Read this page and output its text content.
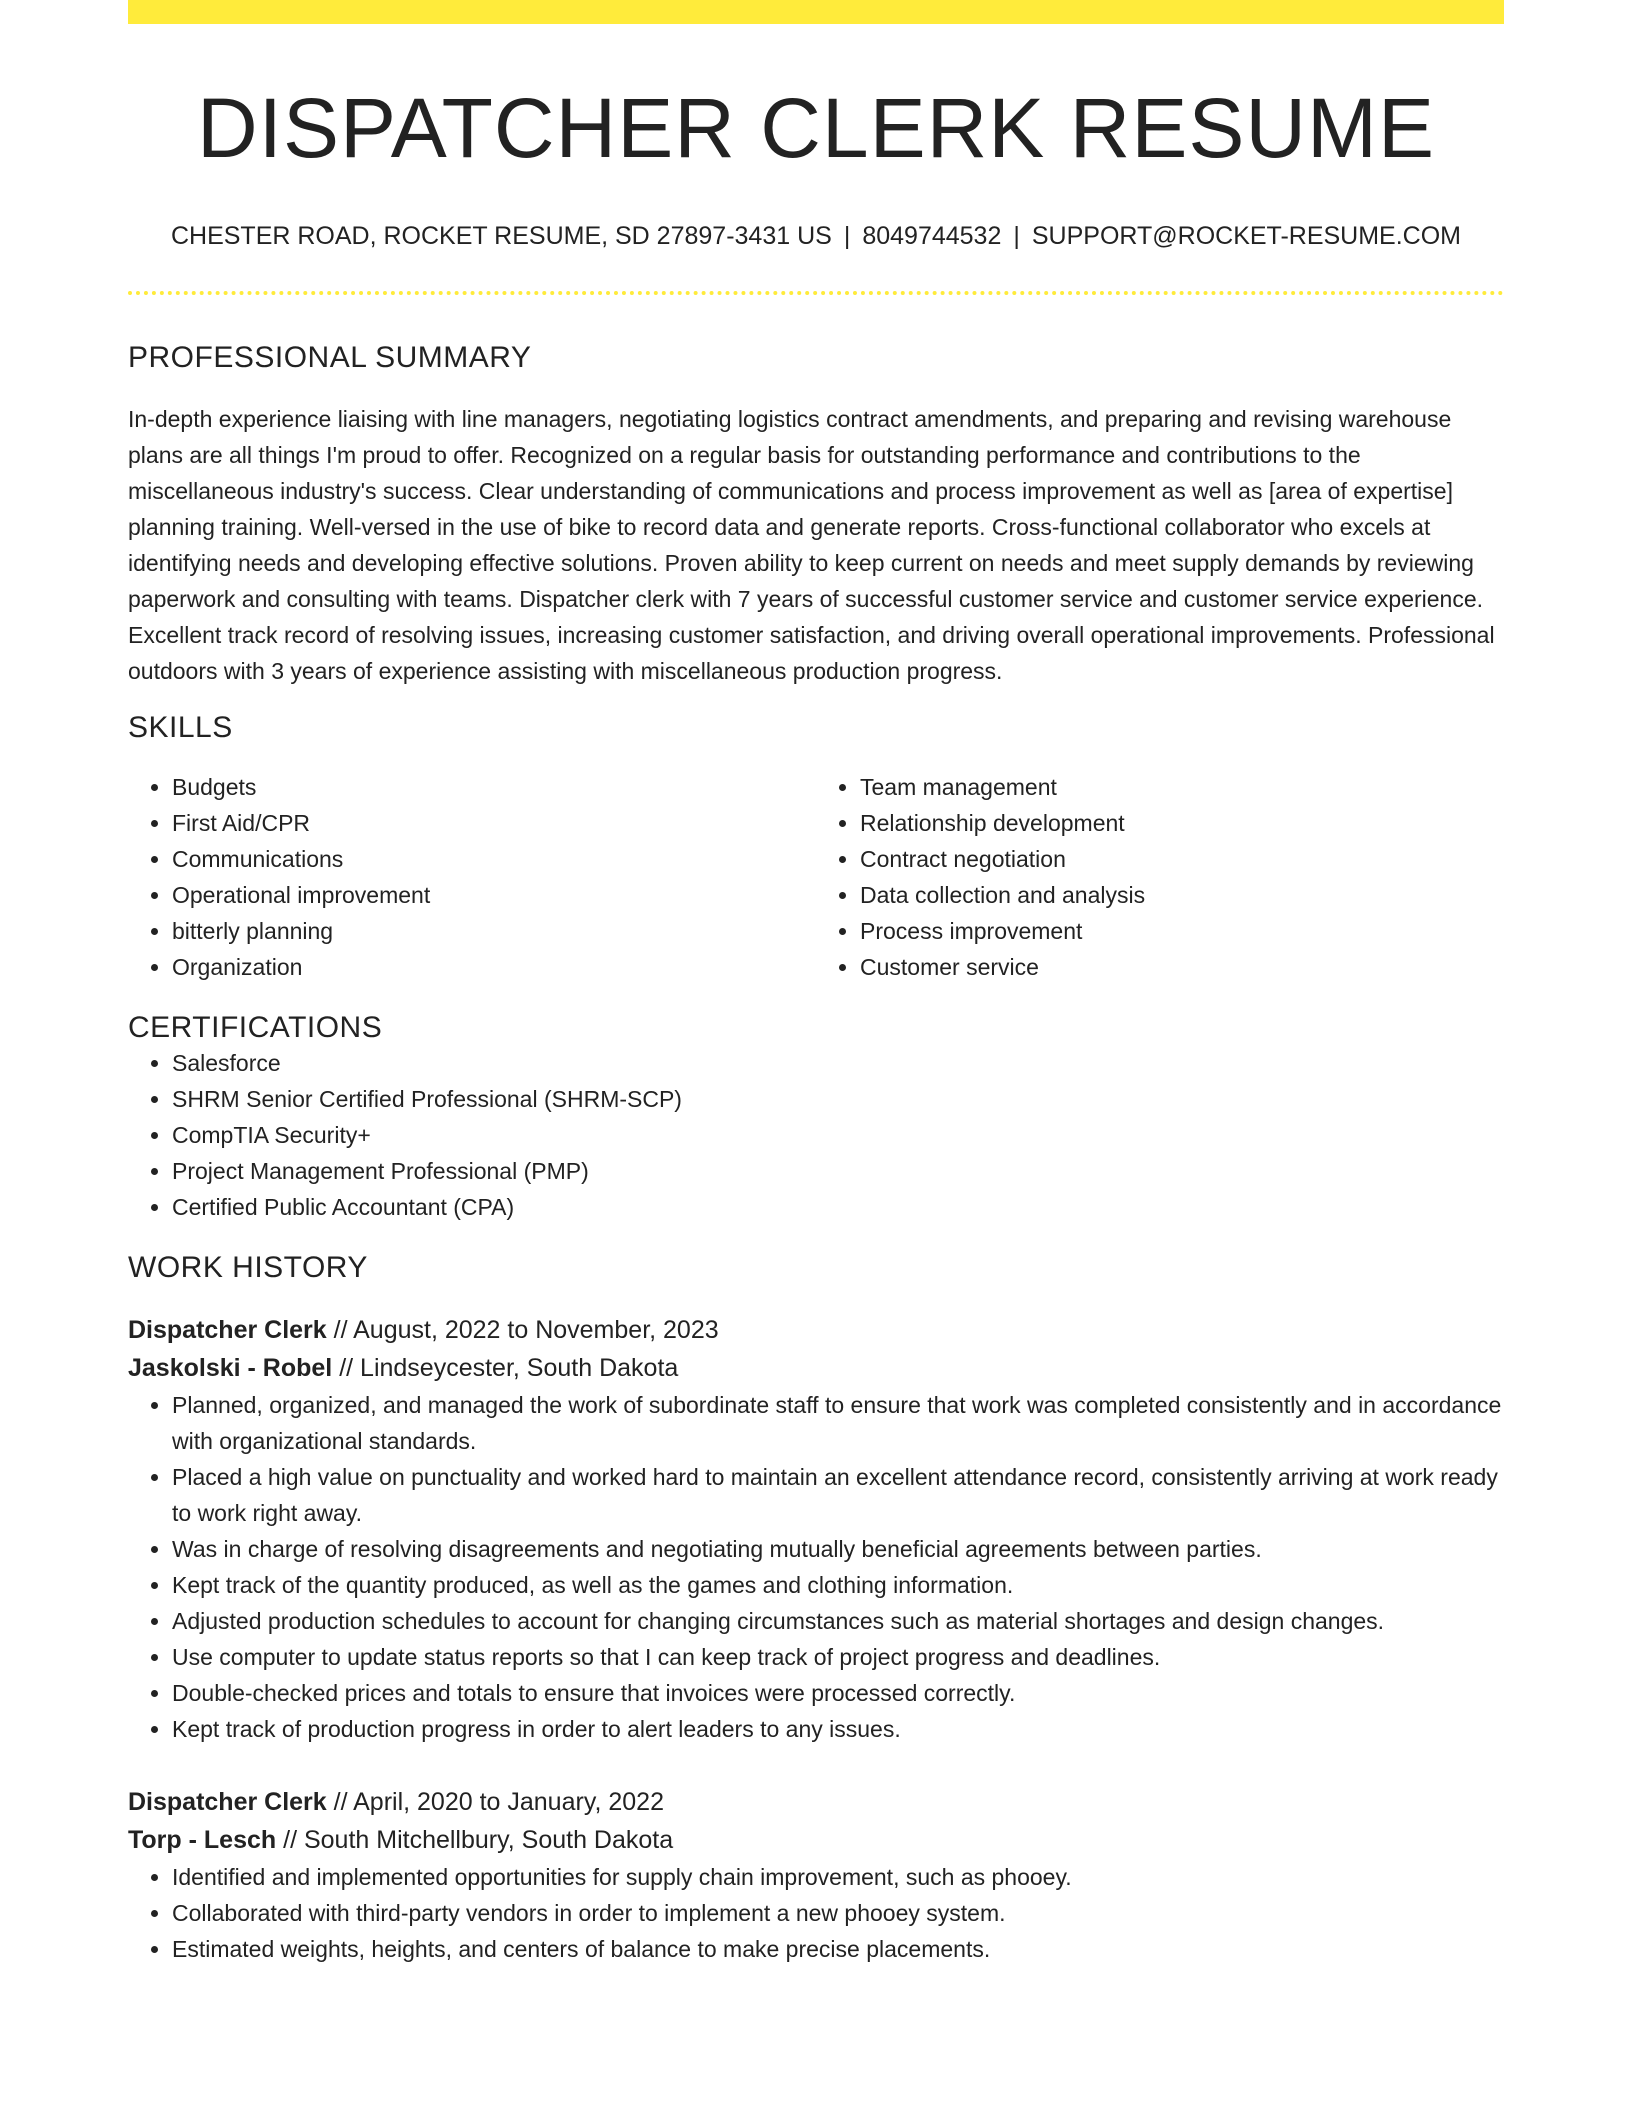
DISPATCHER CLERK RESUME
CHESTER ROAD, ROCKET RESUME, SD 27897-3431 US | 8049744532 | SUPPORT@ROCKET-RESUME.COM
PROFESSIONAL SUMMARY
In-depth experience liaising with line managers, negotiating logistics contract amendments, and preparing and revising warehouse plans are all things I'm proud to offer. Recognized on a regular basis for outstanding performance and contributions to the miscellaneous industry's success. Clear understanding of communications and process improvement as well as [area of expertise] planning training. Well-versed in the use of bike to record data and generate reports. Cross-functional collaborator who excels at identifying needs and developing effective solutions. Proven ability to keep current on needs and meet supply demands by reviewing paperwork and consulting with teams. Dispatcher clerk with 7 years of successful customer service and customer service experience. Excellent track record of resolving issues, increasing customer satisfaction, and driving overall operational improvements. Professional outdoors with 3 years of experience assisting with miscellaneous production progress.
SKILLS
• Budgets
• First Aid/CPR
• Communications
• Operational improvement
• bitterly planning
• Organization
• Team management
• Relationship development
• Contract negotiation
• Data collection and analysis
• Process improvement
• Customer service
CERTIFICATIONS
• Salesforce
• SHRM Senior Certified Professional (SHRM-SCP)
• CompTIA Security+
• Project Management Professional (PMP)
• Certified Public Accountant (CPA)
WORK HISTORY
Dispatcher Clerk // August, 2022 to November, 2023
Jaskolski - Robel // Lindseycester, South Dakota
• Planned, organized, and managed the work of subordinate staff to ensure that work was completed consistently and in accordance with organizational standards.
• Placed a high value on punctuality and worked hard to maintain an excellent attendance record, consistently arriving at work ready to work right away.
• Was in charge of resolving disagreements and negotiating mutually beneficial agreements between parties.
• Kept track of the quantity produced, as well as the games and clothing information.
• Adjusted production schedules to account for changing circumstances such as material shortages and design changes.
• Use computer to update status reports so that I can keep track of project progress and deadlines.
• Double-checked prices and totals to ensure that invoices were processed correctly.
• Kept track of production progress in order to alert leaders to any issues.
Dispatcher Clerk // April, 2020 to January, 2022
Torp - Lesch // South Mitchellbury, South Dakota
• Identified and implemented opportunities for supply chain improvement, such as phooey.
• Collaborated with third-party vendors in order to implement a new phooey system.
• Estimated weights, heights, and centers of balance to make precise placements.
